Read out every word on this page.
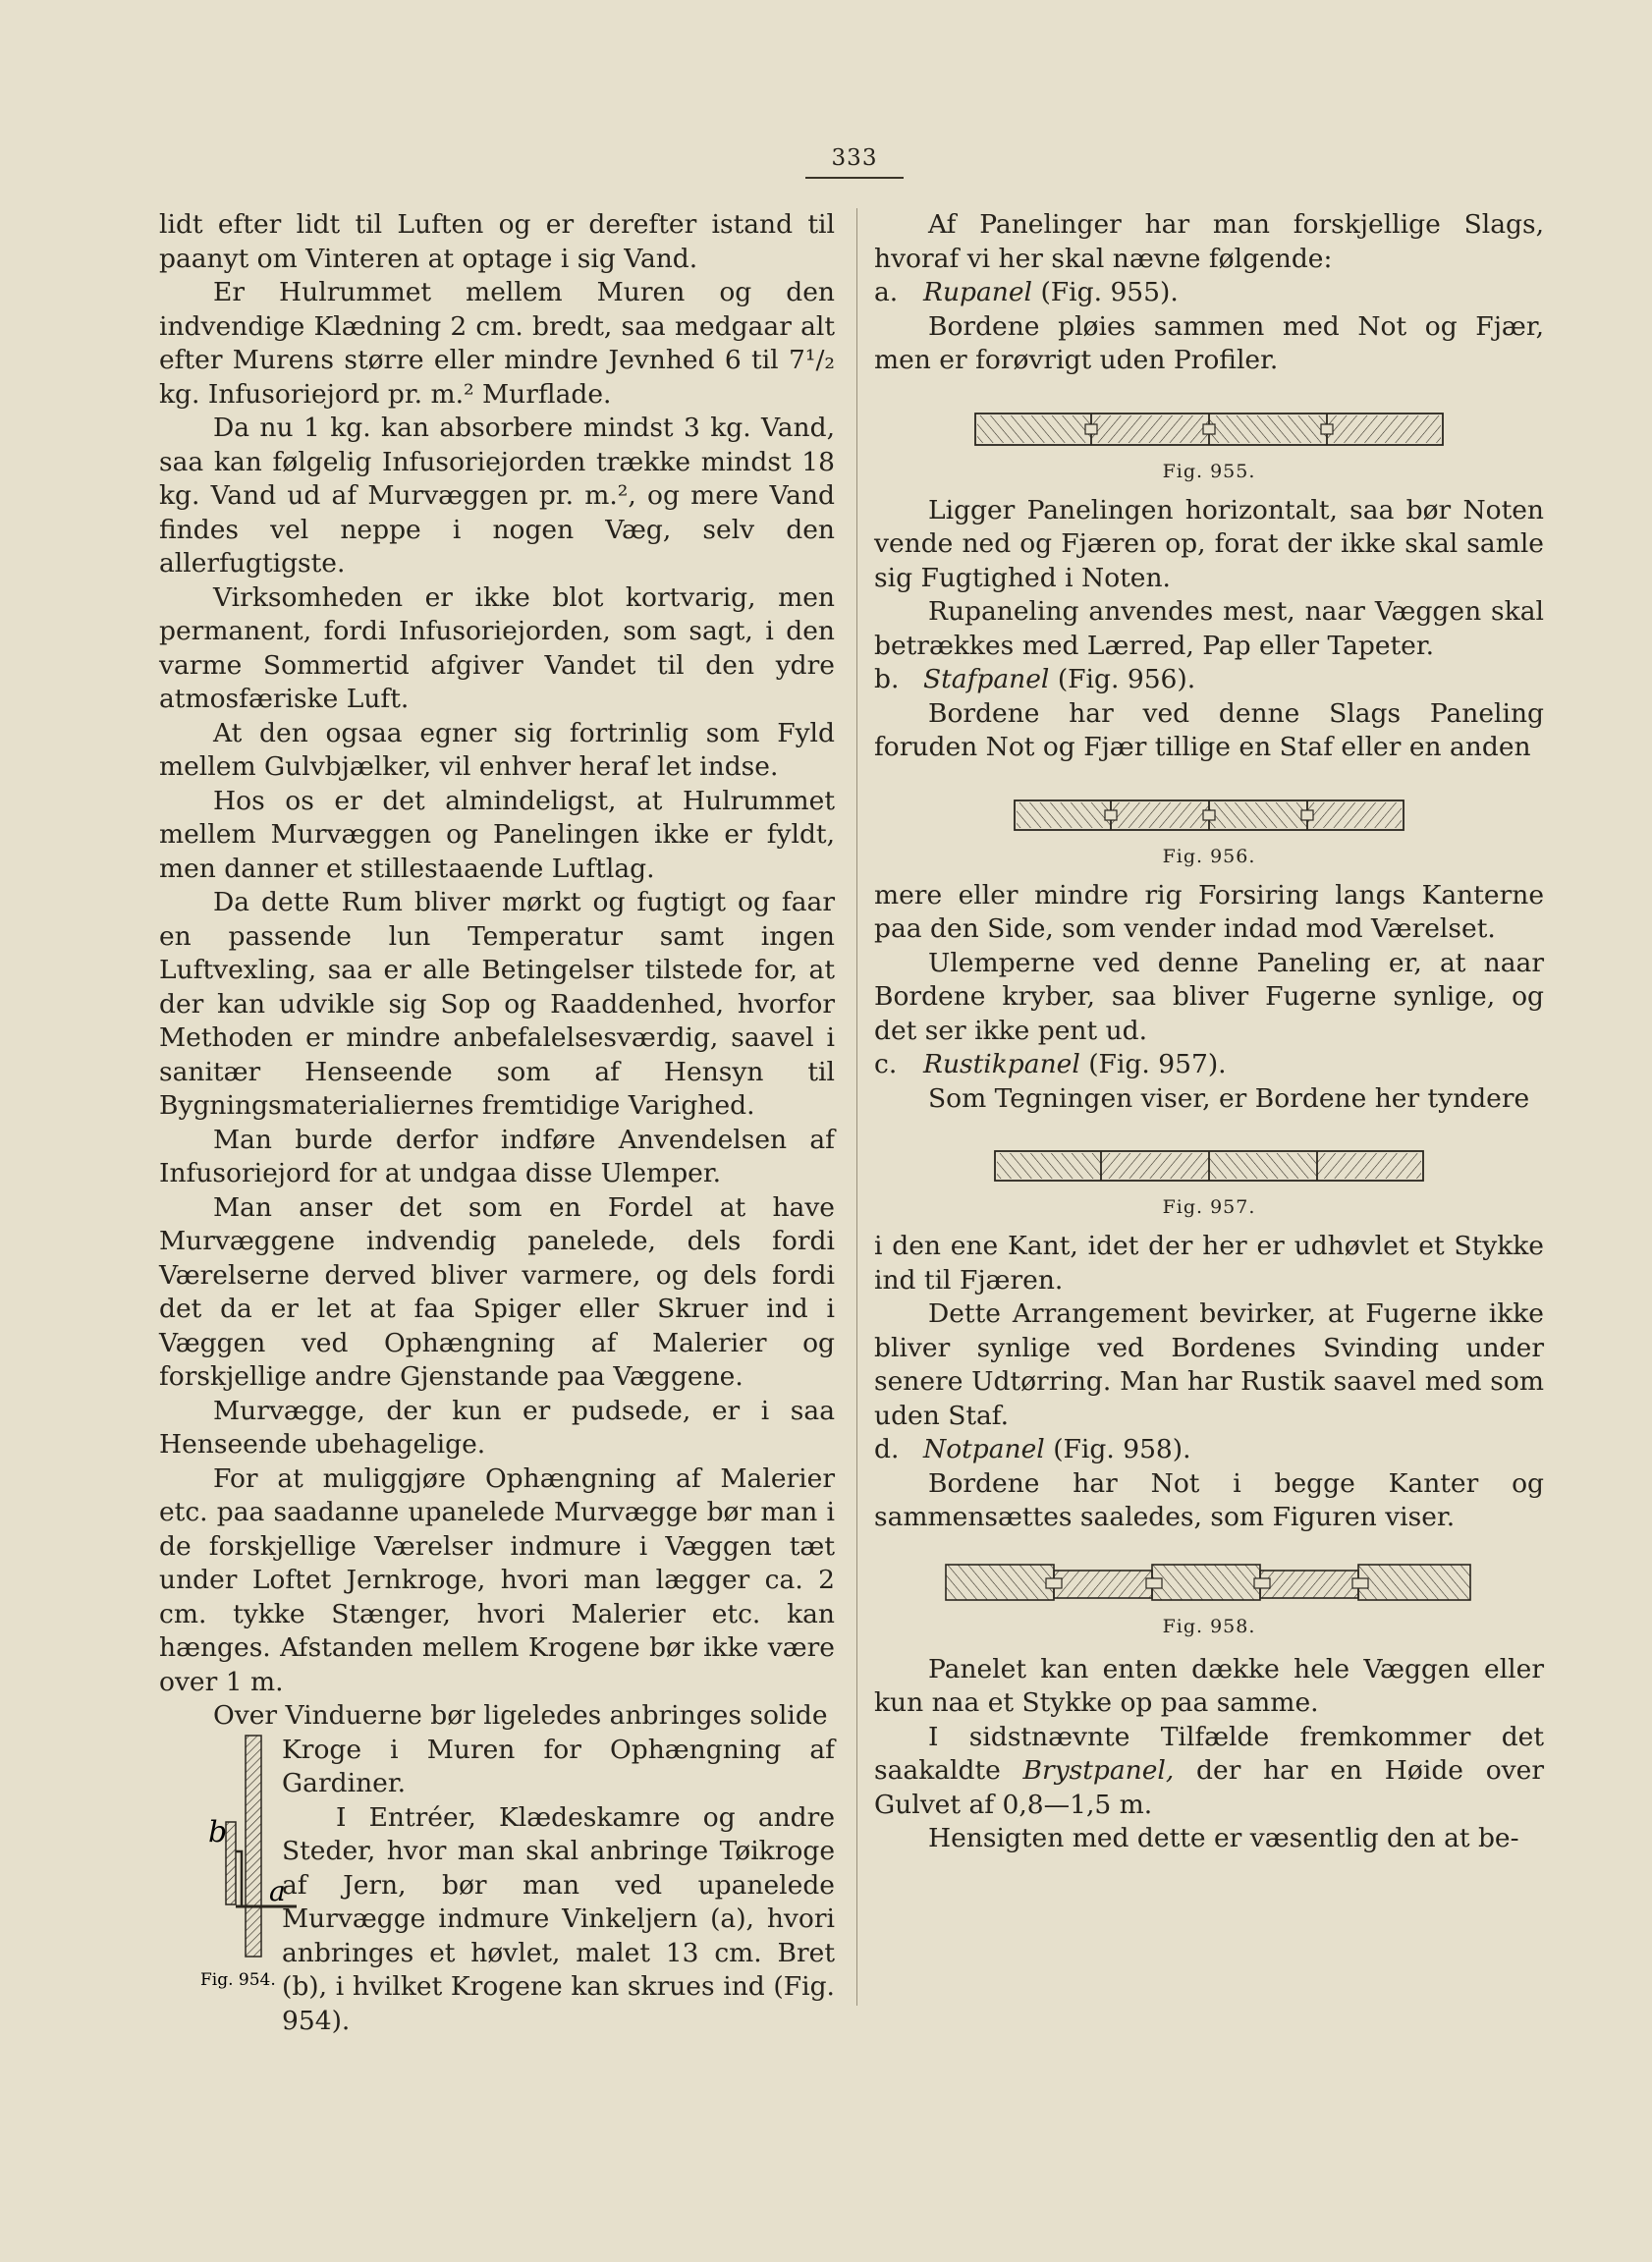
333

lidt efter lidt til Luften og er derefter istand til paanyt om Vinteren at optage i sig Vand.

Er Hulrummet mellem Muren og den indvendige Klædning 2 cm. bredt, saa medgaar alt efter Murens større eller mindre Jevnhed 6 til 7¹/₂ kg. Infusoriejord pr. m.² Murflade.

Da nu 1 kg. kan absorbere mindst 3 kg. Vand, saa kan følgelig Infusoriejorden trække mindst 18 kg. Vand ud af Murvæggen pr. m.², og mere Vand findes vel neppe i nogen Væg, selv den allerfugtigste.

Virksomheden er ikke blot kortvarig, men permanent, fordi Infusoriejorden, som sagt, i den varme Sommertid afgiver Vandet til den ydre atmosfæriske Luft.

At den ogsaa egner sig fortrinlig som Fyld mellem Gulvbjælker, vil enhver heraf let indse.

Hos os er det almindeligst, at Hulrummet mellem Murvæggen og Panelingen ikke er fyldt, men danner et stillestaaende Luftlag.

Da dette Rum bliver mørkt og fugtigt og faar en passende lun Temperatur samt ingen Luftvexling, saa er alle Betingelser tilstede for, at der kan udvikle sig Sop og Raaddenhed, hvorfor Methoden er mindre anbefalelsesværdig, saavel i sanitær Henseende som af Hensyn til Bygningsmaterialiernes fremtidige Varighed.

Man burde derfor indføre Anvendelsen af Infusoriejord for at undgaa disse Ulemper.

Man anser det som en Fordel at have Murvæggene indvendig panelede, dels fordi Værelserne derved bliver varmere, og dels fordi det da er let at faa Spiger eller Skruer ind i Væggen ved Ophængning af Malerier og forskjellige andre Gjenstande paa Væggene.

Murvægge, der kun er pudsede, er i saa Henseende ubehagelige.

For at muliggjøre Ophængning af Malerier etc. paa saadanne upanelede Murvægge bør man i de forskjellige Værelser indmure i Væggen tæt under Loftet Jernkroge, hvori man lægger ca. 2 cm. tykke Stænger, hvori Malerier etc. kan hænges. Afstanden mellem Krogene bør ikke være over 1 m.

Over Vinduerne bør ligeledes anbringes solide

b
a
Fig. 954.

Kroge i Muren for Ophængning af Gardiner.

I Entréer, Klædeskamre og andre Steder, hvor man skal anbringe Tøikroge af Jern, bør man ved upanelede Murvægge indmure Vinkeljern (a), hvori anbringes et høvlet, malet 13 cm. Bret (b), i hvilket Krogene kan skrues ind (Fig. 954).

Af Panelinger har man forskjellige Slags, hvoraf vi her skal nævne følgende:

a. Rupanel (Fig. 955).

Bordene pløies sammen med Not og Fjær, men er forøvrigt uden Profiler.

Fig. 955.

Ligger Panelingen horizontalt, saa bør Noten vende ned og Fjæren op, forat der ikke skal samle sig Fugtighed i Noten.

Rupaneling anvendes mest, naar Væggen skal betrækkes med Lærred, Pap eller Tapeter.

b. Stafpanel (Fig. 956).

Bordene har ved denne Slags Paneling foruden Not og Fjær tillige en Staf eller en anden

Fig. 956.

mere eller mindre rig Forsiring langs Kanterne paa den Side, som vender indad mod Værelset.

Ulemperne ved denne Paneling er, at naar Bordene kryber, saa bliver Fugerne synlige, og det ser ikke pent ud.

c.	Rustikpanel (Fig. 957).

Som Tegningen viser, er Bordene her tyndere

Fig. 957.

i den ene Kant, idet der her er udhøvlet et Stykke ind til Fjæren.

Dette Arrangement bevirker, at Fugerne ikke bliver synlige ved Bordenes Svinding under senere Udtørring. Man har Rustik saavel med som uden Staf.

d. Notpanel (Fig. 958).

Bordene har Not i begge Kanter og sammensættes saaledes, som Figuren viser.

Fig. 958.

Panelet kan enten dække hele Væggen eller kun naa et Stykke op paa samme.

I sidstnævnte Tilfælde fremkommer det saakaldte Brystpanel, der har en Høide over Gulvet af 0,8—1,5 m.

Hensigten med dette er væsentlig den at be-
